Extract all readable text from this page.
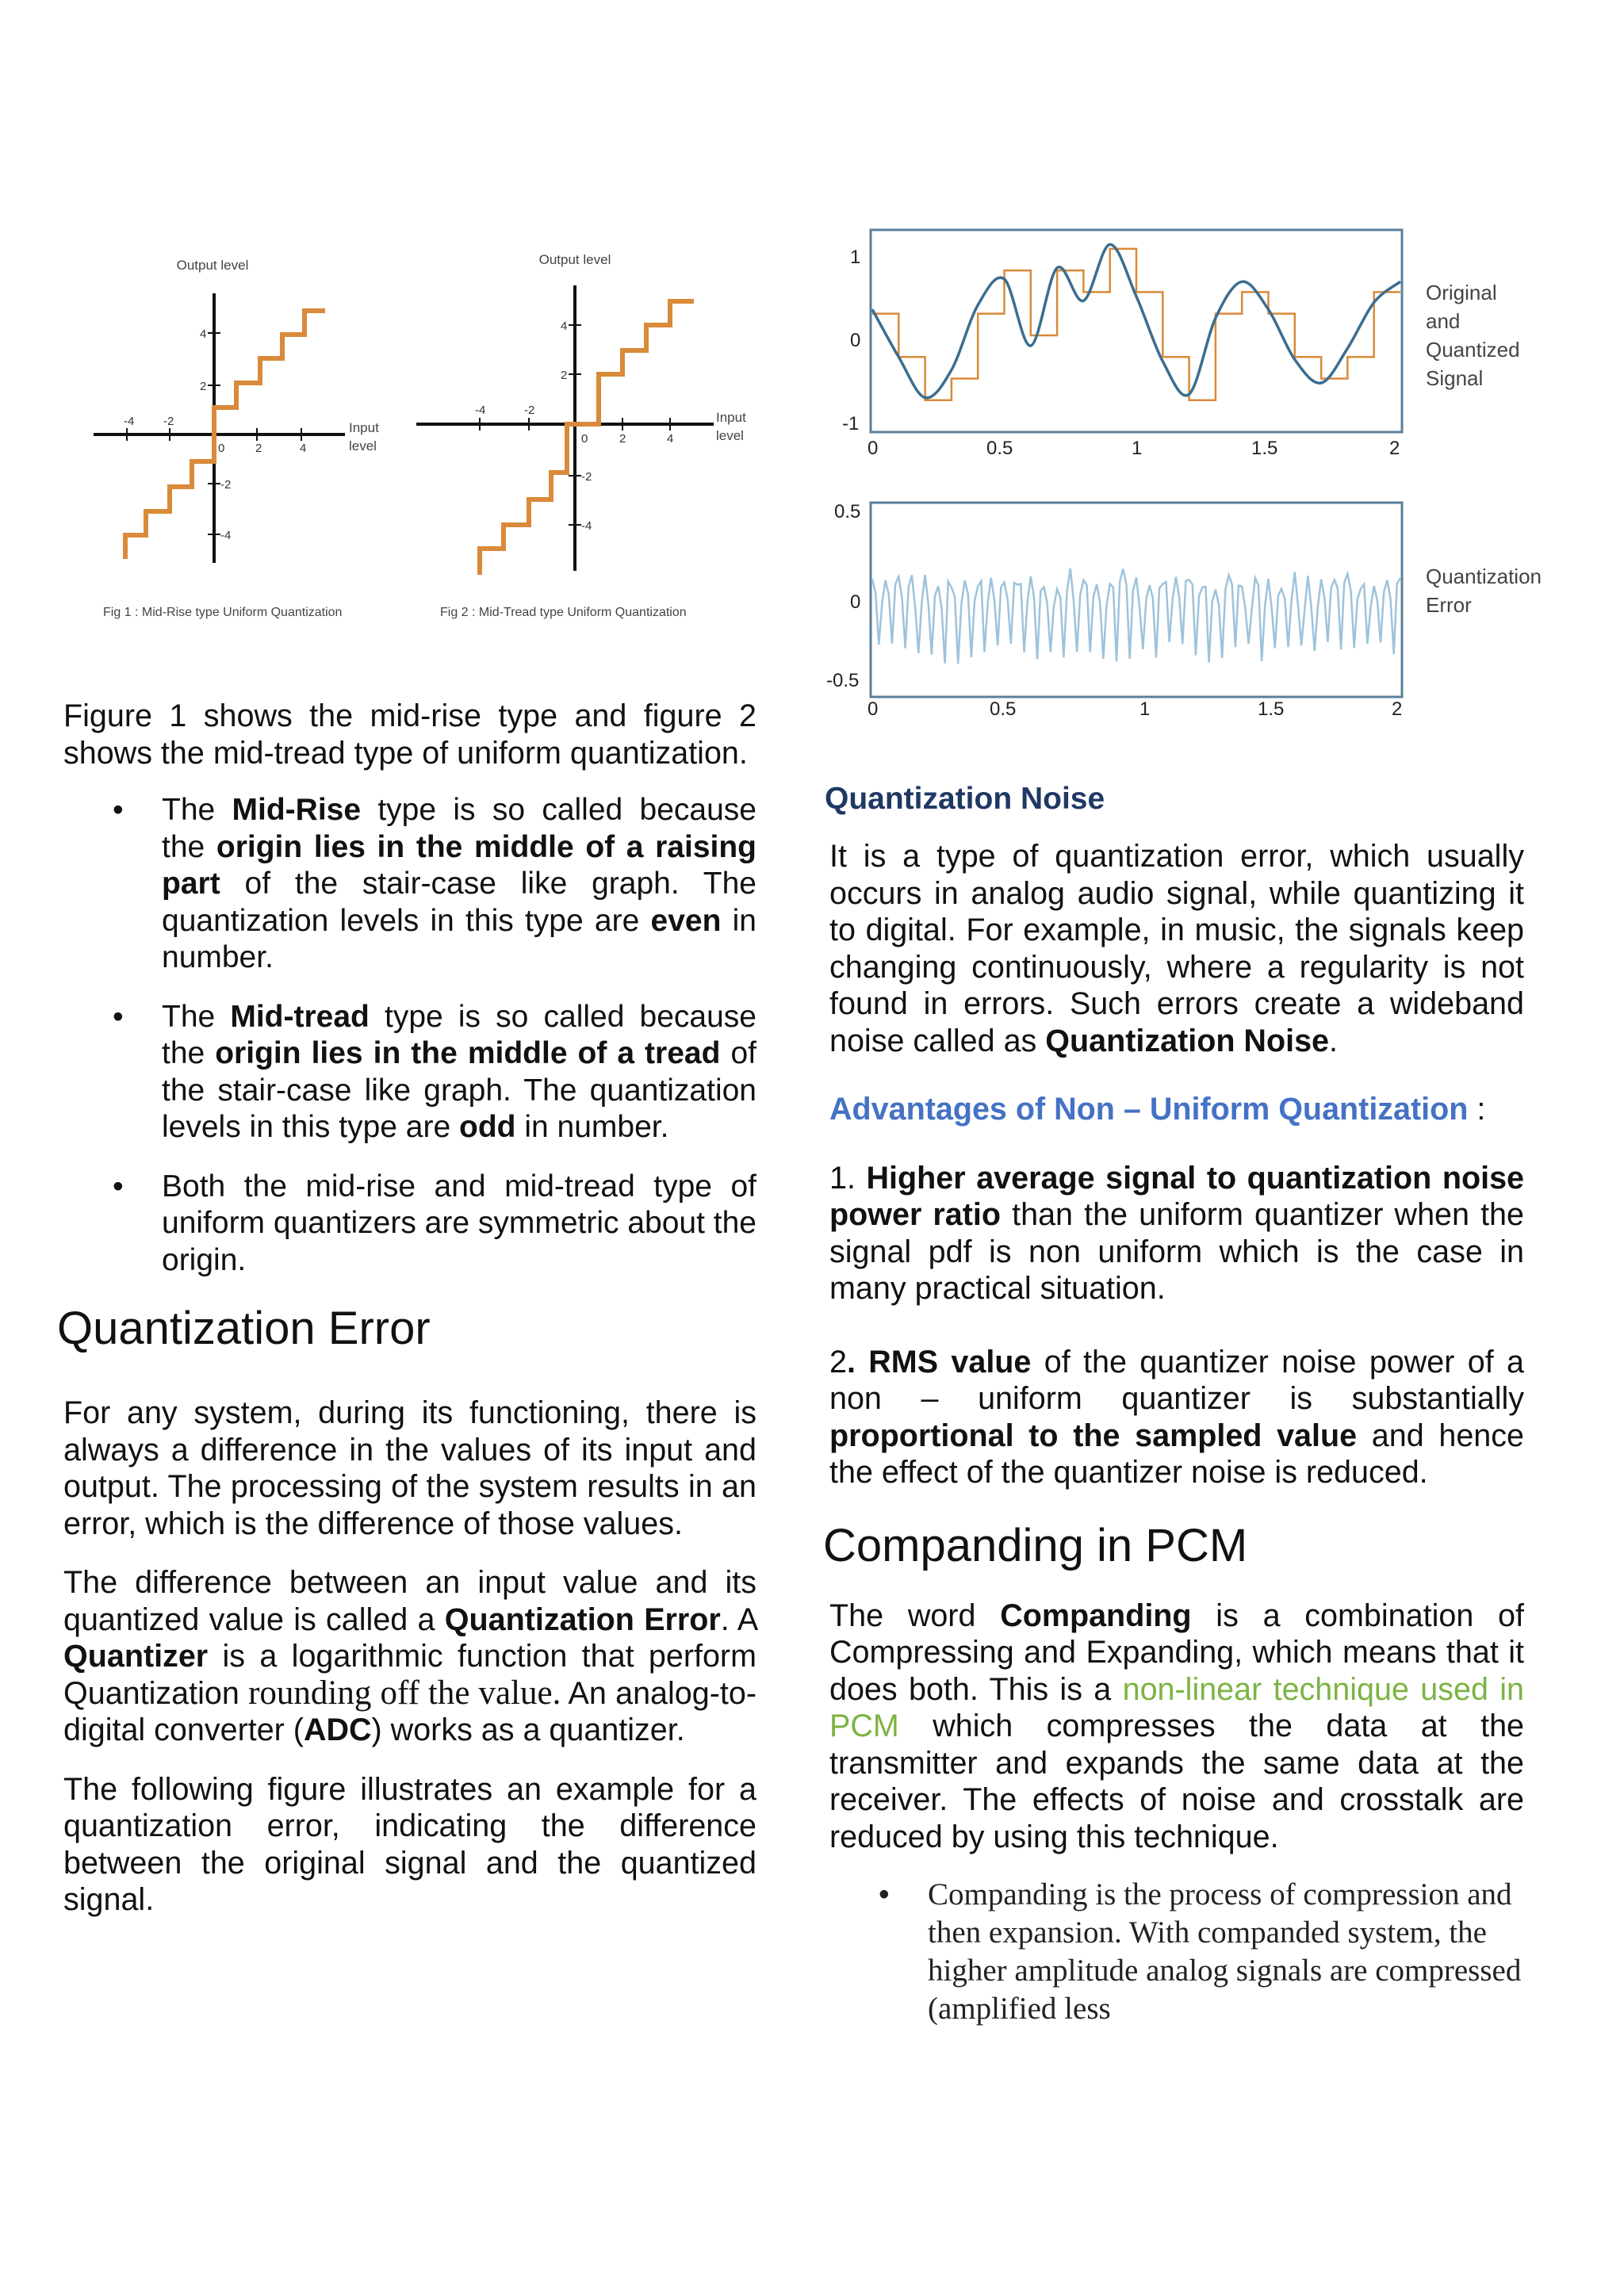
Output level
-4 -2
0	2	4
4
2
-2
-4
Input
level
Fig 1 : Mid-Rise type Uniform Quantization
Output level
-4	-2
0	2	4
4
2
-2
-4
Input
level
Fig 2 : Mid-Tread type Uniform Quantization
1
0
-1
0	0.5	1	1.5	2
Original
and
Quantized
Signal
0.5
0
-0.5
0	0.5	1	1.5	2
Quantization
Error

Figure 1 shows the mid-rise type and figure 2 shows the mid-tread type of uniform quantization.

• The Mid-Rise type is so called because the origin lies in the middle of a raising part of the stair-case like graph. The quantization levels in this type are even in number.
• The Mid-tread type is so called because the origin lies in the middle of a tread of the stair-case like graph. The quantization levels in this type are odd in number.
• Both the mid-rise and mid-tread type of uniform quantizers are symmetric about the origin.
Quantization Error

For any system, during its functioning, there is always a difference in the values of its input and output. The processing of the system results in an error, which is the difference of those values.

The difference between an input value and its quantized value is called a Quantization Error. A Quantizer is a logarithmic function that perform Quantization rounding off the value. An analog-to-digital converter (ADC) works as a quantizer.

The following figure illustrates an example for a quantization error, indicating the difference between the original signal and the quantized signal.

Quantization Noise

It is a type of quantization error, which usually occurs in analog audio signal, while quantizing it to digital. For example, in music, the signals keep changing continuously, where a regularity is not found in errors. Such errors create a wideband noise called as Quantization Noise.

Advantages of Non – Uniform Quantization :

1. Higher average signal to quantization noise power ratio than the uniform quantizer when the signal pdf is non uniform which is the case in many practical situation.

2. RMS value of the quantizer noise power of a non – uniform quantizer is substantially proportional to the sampled value and hence the effect of the quantizer noise is reduced.

Companding in PCM

The word Companding is a combination of Compressing and Expanding, which means that it does both. This is a non-linear technique used in PCM which compresses the data at the transmitter and expands the same data at the receiver. The effects of noise and crosstalk are reduced by using this technique.

• Companding is the process of compression and then expansion. With companded system, the higher amplitude analog signals are compressed (amplified less
